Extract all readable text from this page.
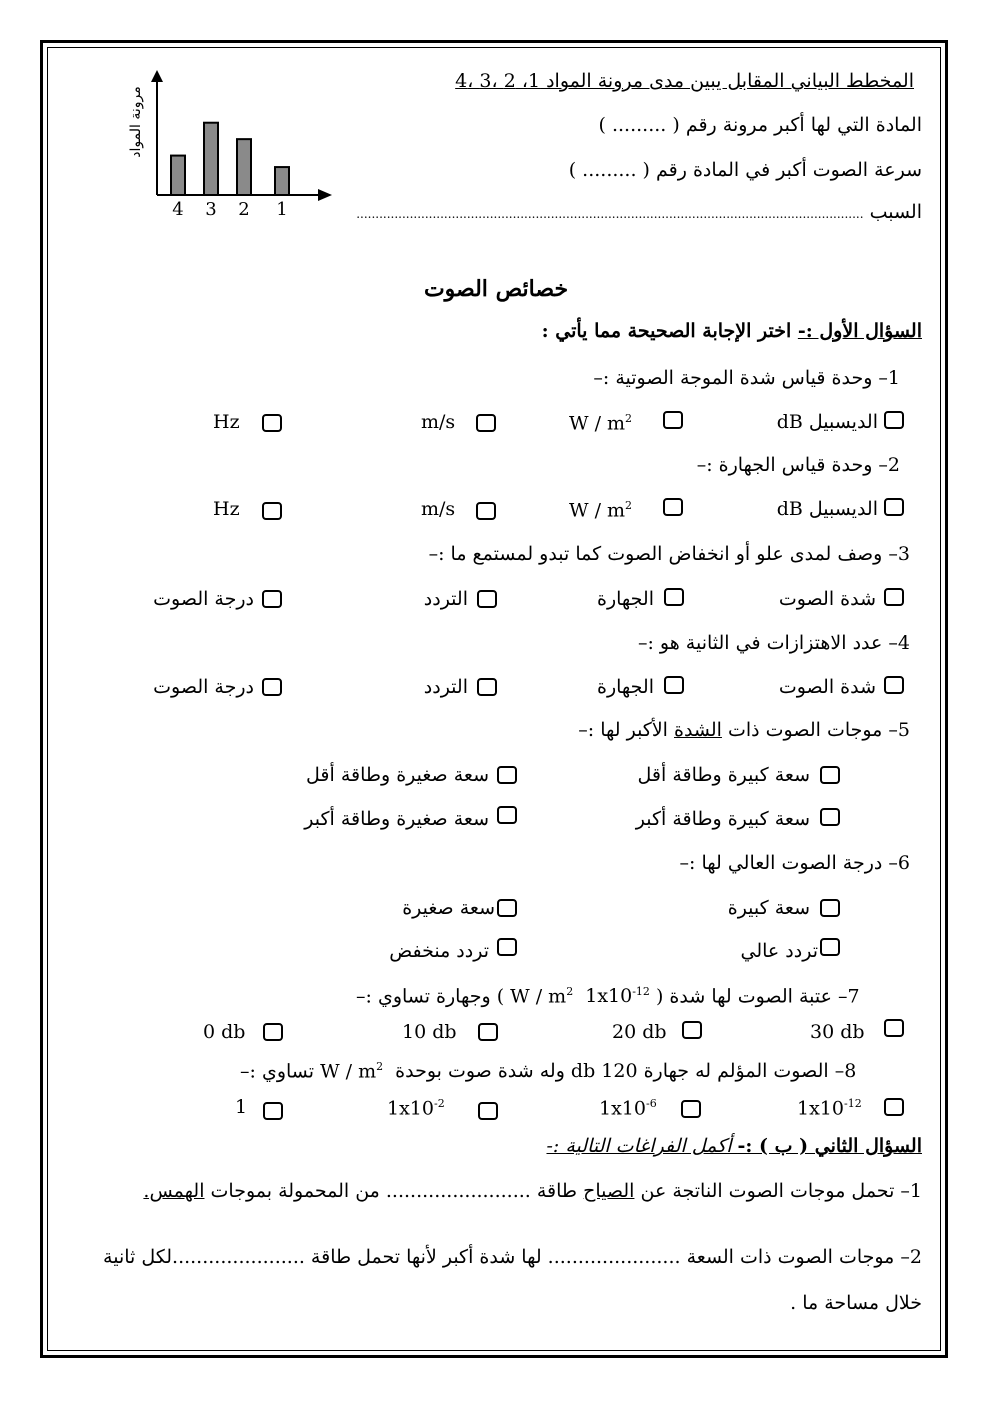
مرونة المواد
4 3 2 1
المخطط البياني المقابل يبين مدى مرونة المواد 1، 2 ،3 ،4
المادة التي لها أكبر مرونة رقم ( ......... )
سرعة الصوت أكبر في المادة رقم ( ......... )
السبب .....................................................................................................................................
خصائص الصوت
السؤال الأول :- اختر الإجابة الصحيحة مما يأتي :
1– وحدة قياس شدة الموجة الصوتية :–
الديسبيل dB
W / $m^2$
m/s
Hz
2– وحدة قياس الجهارة :–
الديسبيل dB
W / $m^2$
m/s
Hz
3– وصف لمدى علو أو انخفاض الصوت كما تبدو لمستمع ما :–
شدة الصوت
الجهارة
التردد
درجة الصوت
4– عدد الاهتزازات في الثانية هو :–
شدة الصوت
الجهارة
التردد
درجة الصوت
5– موجات الصوت ذات الشدة الأكبر لها :–
سعة كبيرة وطاقة أقل
سعة صغيرة وطاقة أقل
سعة كبيرة وطاقة أكبر
سعة صغيرة وطاقة أكبر
6– درجة الصوت العالي لها :–
سعة كبيرة
سعة صغيرة
تردد عالي
تردد منخفض
) وجهارة تساوي :– W / $m^2$ $1x10^{-12}$ 7– عتبة الصوت لها شدة (
30 db
20 db
10 db
0 db
تساوي :– W / $m^2$ 8– الصوت المؤلم له جهارة 120 db وله شدة صوت بوحدة
$1x10^{-12}$
$1x10^{-6}$
$1x10^{-2}$
1
السؤال الثاني ( ب ) :- أكمل الفراغات التالية :-
1– تحمل موجات الصوت الناتجة عن الصياح طاقة ........................ من المحمولة بموجات الهمس.
2– موجات الصوت ذات السعة ...................... لها شدة أكبر لأنها تحمل طاقة ......................لكل ثانية
خلال مساحة ما .
